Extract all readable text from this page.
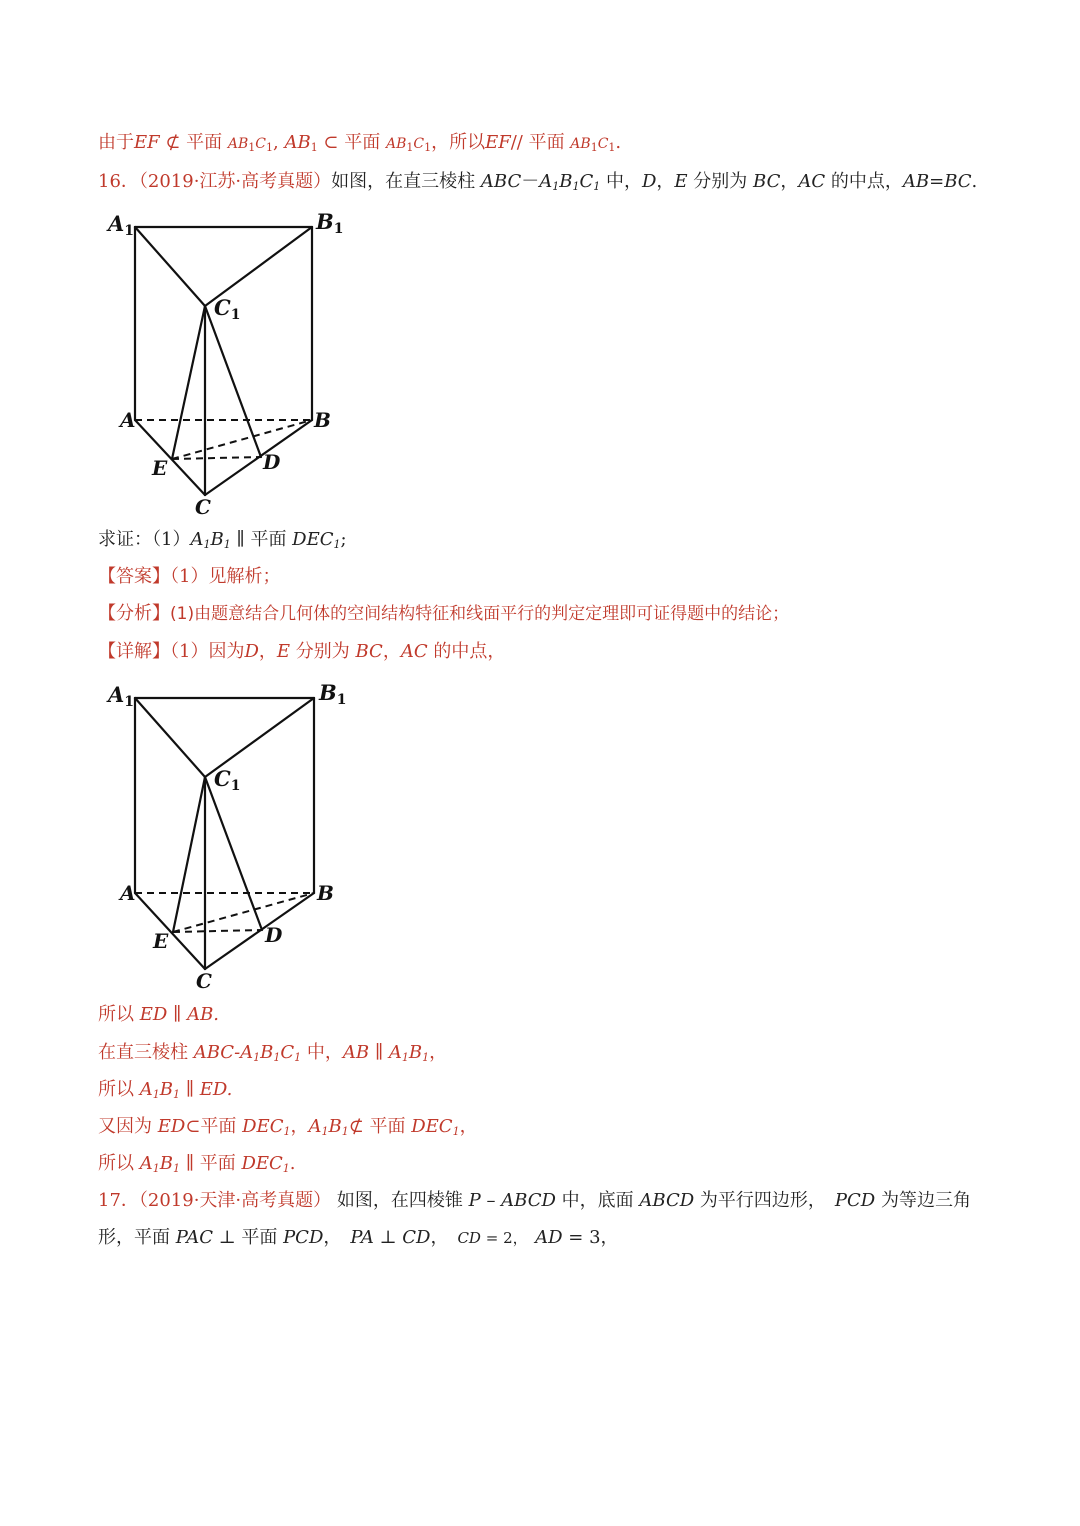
由于EF ⊄ 平面 $AB_1C_1$, $AB_1$ ⊂ 平面 $AB_1C_1$，所以EF// 平面 $AB_1C_1$.
16．（2019·江苏·高考真题）如图，在直三棱柱 $ABC-A_1B_1C_1$ 中，D，E 分别为 BC，AC 的中点，AB=BC.
A1	B1
C1
A	B
E	D
C
求证：$(1)A_1B_1$ ∥ 平面 $DEC_1$;
【答案】（1）见解析；
【分析】(1)由题意结合几何体的空间结构特征和线面平行的判定定理即可证得题中的结论；
【详解】（1）因为D，E 分别为 BC，AC 的中点，
A1	B1
C1
A	B
E	D
C
所以 ED ∥ AB.
在直三棱柱 ABC-$A_1B_1C_1$ 中，AB ∥ $A_1B_1$，
所以 $A_1B_1$ ∥ ED.
又因为 ED⊂平面 $DEC_1$，$A_1B_1⊄$ 平面 $DEC_1$，
所以 $A_1B_1$ ∥ 平面 $DEC_1$.
17．（2019·天津·高考真题） 如图，在四棱锥 P – ABCD 中，底面 ABCD 为平行四边形，　PCD 为等边三角
形，平面 PAC ⊥ 平面 PCD，　PA ⊥ CD，　CD = 2，　AD = 3，
